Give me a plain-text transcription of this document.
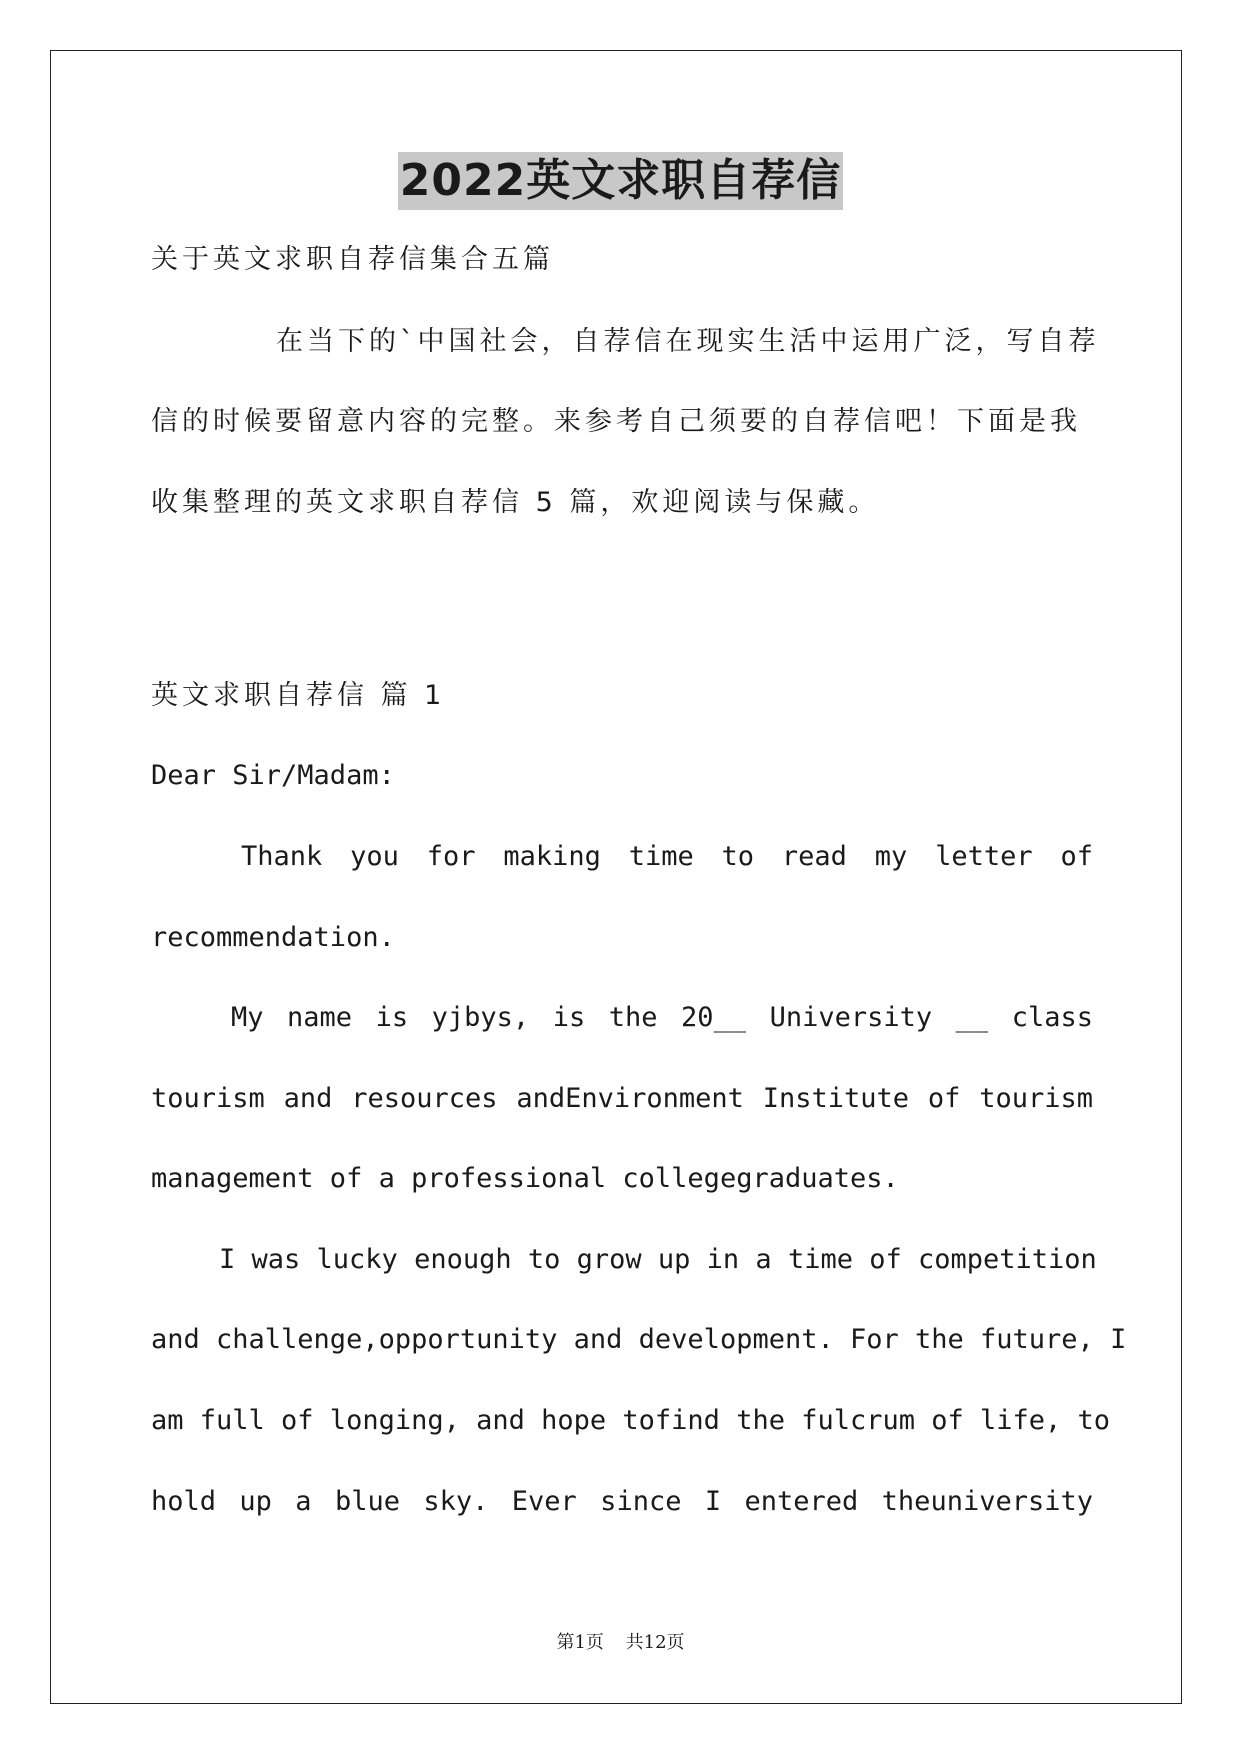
2022英文求职自荐信
关于英文求职自荐信集合五篇
在当下的`中国社会，自荐信在现实生活中运用广泛，写自荐
信的时候要留意内容的完整。来参考自己须要的自荐信吧！下面是我
收集整理的英文求职自荐信 5 篇，欢迎阅读与保藏。
英文求职自荐信 篇 1
Dear Sir/Madam:
Thank you for making time to read my letter of
recommendation.
My name is yjbys, is the 20__ University __ class
tourism and resources andEnvironment Institute of tourism
management of a professional collegegraduates.
I was lucky enough to grow up in a time of competition
and challenge,opportunity and development. For the future, I
am full of longing, and hope tofind the fulcrum of life, to
hold up a blue sky. Ever since I entered theuniversity
第1页 共12页
